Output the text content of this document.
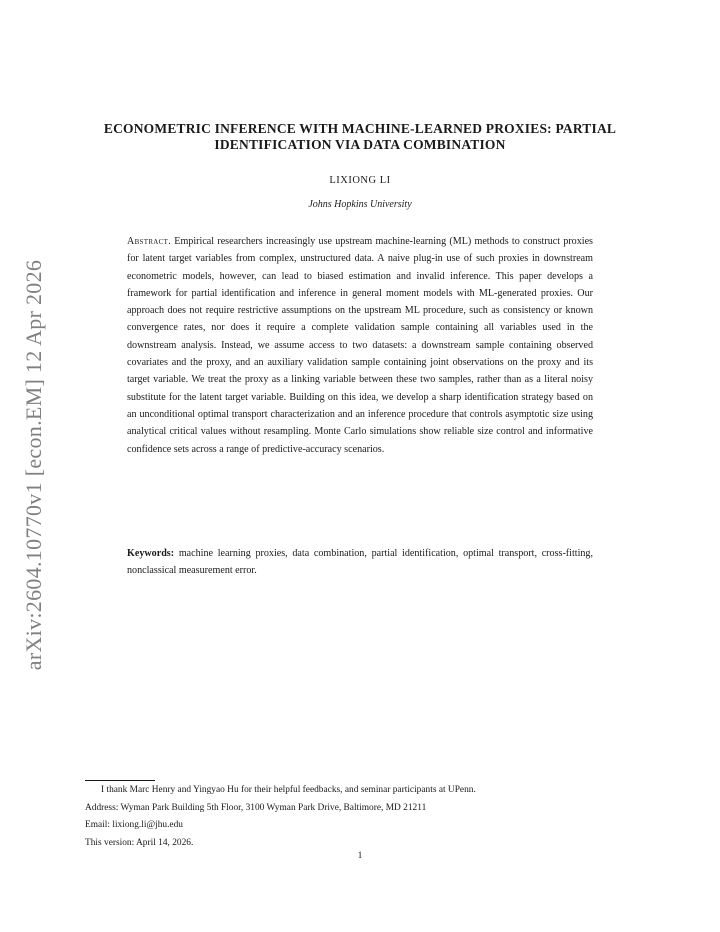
arXiv:2604.10770v1 [econ.EM] 12 Apr 2026
ECONOMETRIC INFERENCE WITH MACHINE-LEARNED PROXIES: PARTIAL IDENTIFICATION VIA DATA COMBINATION
LIXIONG LI
Johns Hopkins University
Abstract. Empirical researchers increasingly use upstream machine-learning (ML) methods to construct proxies for latent target variables from complex, unstructured data. A naive plug-in use of such proxies in downstream econometric models, however, can lead to biased estimation and invalid inference. This paper develops a framework for partial identification and inference in general moment models with ML-generated proxies. Our approach does not require restrictive assumptions on the upstream ML procedure, such as consistency or known convergence rates, nor does it require a complete validation sample containing all variables used in the downstream analysis. Instead, we assume access to two datasets: a downstream sample containing observed covariates and the proxy, and an auxiliary validation sample containing joint observations on the proxy and its target variable. We treat the proxy as a linking variable between these two samples, rather than as a literal noisy substitute for the latent target variable. Building on this idea, we develop a sharp identification strategy based on an unconditional optimal transport characterization and an inference procedure that controls asymptotic size using analytical critical values without resampling. Monte Carlo simulations show reliable size control and informative confidence sets across a range of predictive-accuracy scenarios.
Keywords: machine learning proxies, data combination, partial identification, optimal transport, cross-fitting, nonclassical measurement error.
I thank Marc Henry and Yingyao Hu for their helpful feedbacks, and seminar participants at UPenn.
Address: Wyman Park Building 5th Floor, 3100 Wyman Park Drive, Baltimore, MD 21211
Email: lixiong.li@jhu.edu
This version: April 14, 2026.
1
